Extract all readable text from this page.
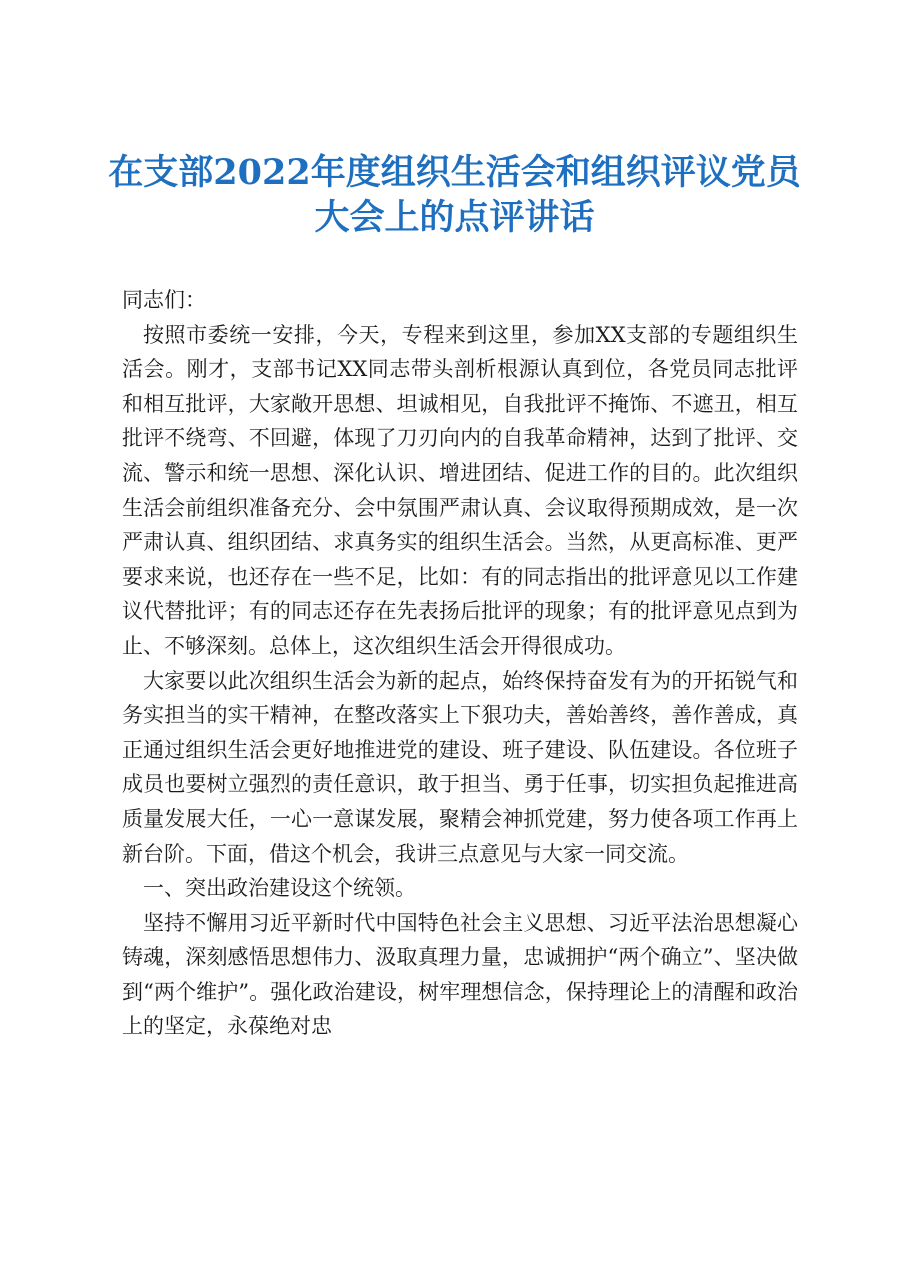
在支部2022年度组织生活会和组织评议党员
大会上的点评讲话

同志们：

按照市委统一安排，今天，专程来到这里，参加XX支部的专题组织生活会。刚才，支部书记XX同志带头剖析根源认真到位，各党员同志批评和相互批评，大家敞开思想、坦诚相见，自我批评不掩饰、不遮丑，相互批评不绕弯、不回避，体现了刀刃向内的自我革命精神，达到了批评、交流、警示和统一思想、深化认识、增进团结、促进工作的目的。此次组织生活会前组织准备充分、会中氛围严肃认真、会议取得预期成效，是一次严肃认真、组织团结、求真务实的组织生活会。当然，从更高标准、更严要求来说，也还存在一些不足，比如：有的同志指出的批评意见以工作建议代替批评；有的同志还存在先表扬后批评的现象；有的批评意见点到为止、不够深刻。总体上，这次组织生活会开得很成功。

大家要以此次组织生活会为新的起点，始终保持奋发有为的开拓锐气和务实担当的实干精神，在整改落实上下狠功夫，善始善终，善作善成，真正通过组织生活会更好地推进党的建设、班子建设、队伍建设。各位班子成员也要树立强烈的责任意识，敢于担当、勇于任事，切实担负起推进高质量发展大任，一心一意谋发展，聚精会神抓党建，努力使各项工作再上新台阶。下面，借这个机会，我讲三点意见与大家一同交流。

一、突出政治建设这个统领。

坚持不懈用习近平新时代中国特色社会主义思想、习近平法治思想凝心铸魂，深刻感悟思想伟力、汲取真理力量，忠诚拥护“两个确立”、坚决做到“两个维护”。强化政治建设，树牢理想信念，保持理论上的清醒和政治上的坚定，永葆绝对忠
